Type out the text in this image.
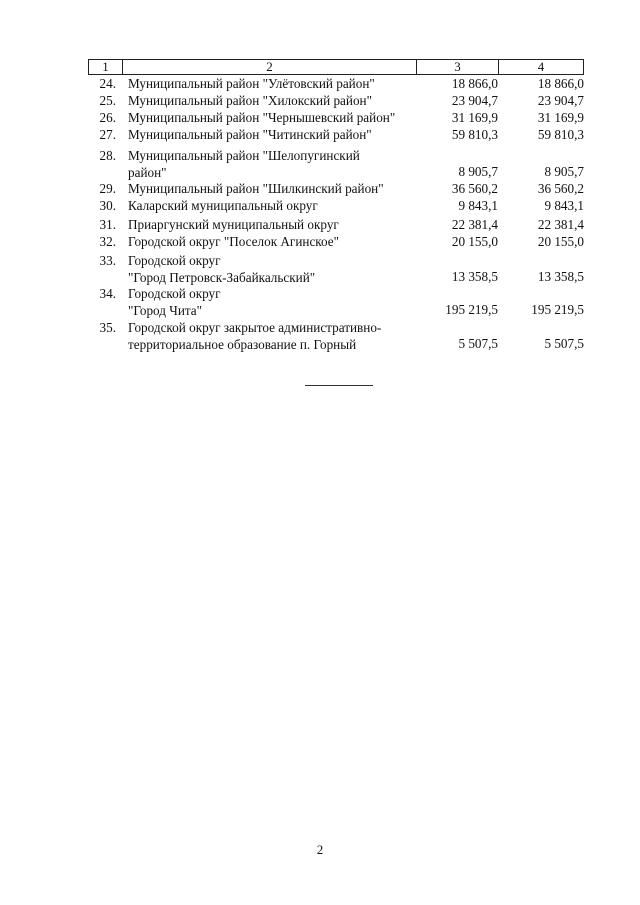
1	2	3	4
24. Муниципальный район "Улётовский район"	18 866,0	18 866,0
25. Муниципальный район "Хилокский район"	23 904,7	23 904,7
26. Муниципальный район "Чернышевский район"	31 169,9	31 169,9
27. Муниципальный район "Читинский район"	59 810,3	59 810,3
28. Муниципальный район "Шелопугинский
район"	8 905,7	8 905,7
29. Муниципальный район "Шилкинский район"	36 560,2	36 560,2
30. Каларский муниципальный округ	9 843,1	9 843,1
31. Приаргунский муниципальный округ	22 381,4	22 381,4
32. Городской округ "Поселок Агинское"	20 155,0	20 155,0
33. Городской округ
"Город Петровск-Забайкальский"	13 358,5	13 358,5
34. Городской округ
"Город Чита"	195 219,5	195 219,5
35. Городской округ закрытое административно-
территориальное образование п. Горный	5 507,5	5 507,5
2
